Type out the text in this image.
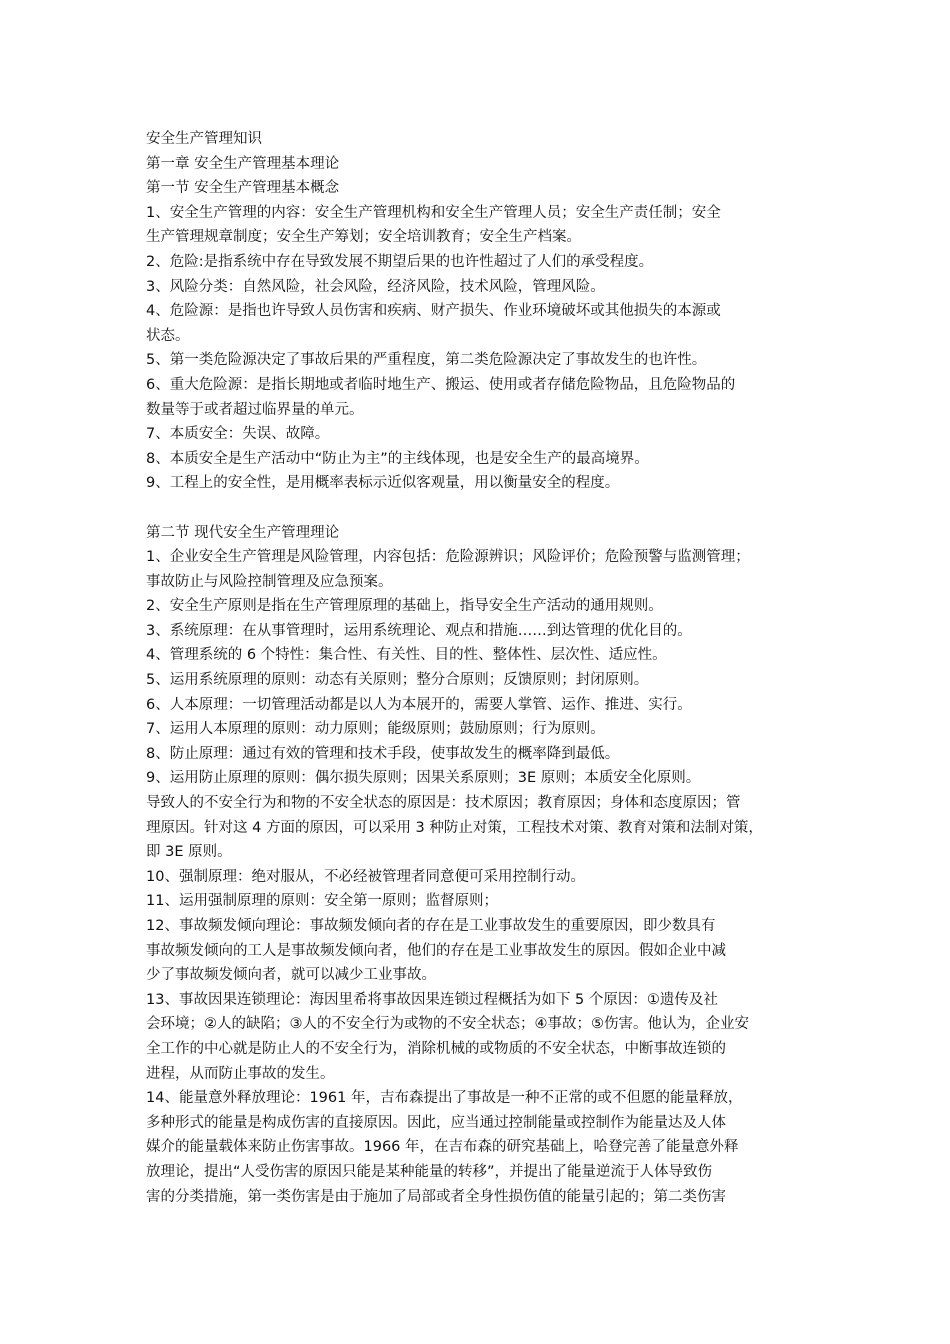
安全生产管理知识
第一章 安全生产管理基本理论
第一节 安全生产管理基本概念
1、安全生产管理的内容：安全生产管理机构和安全生产管理人员；安全生产责任制；安全
生产管理规章制度；安全生产筹划；安全培训教育；安全生产档案。
2、危险:是指系统中存在导致发展不期望后果的也许性超过了人们的承受程度。
3、风险分类：自然风险，社会风险，经济风险，技术风险，管理风险。
4、危险源：是指也许导致人员伤害和疾病、财产损失、作业环境破坏或其他损失的本源或
状态。
5、第一类危险源决定了事故后果的严重程度，第二类危险源决定了事故发生的也许性。
6、重大危险源：是指长期地或者临时地生产、搬运、使用或者存储危险物品，且危险物品的
数量等于或者超过临界量的单元。
7、本质安全：失误、故障。
8、本质安全是生产活动中“防止为主”的主线体现，也是安全生产的最高境界。
9、工程上的安全性，是用概率表标示近似客观量，用以衡量安全的程度。
第二节 现代安全生产管理理论
1、企业安全生产管理是风险管理，内容包括：危险源辨识；风险评价；危险预警与监测管理；
事故防止与风险控制管理及应急预案。
2、安全生产原则是指在生产管理原理的基础上，指导安全生产活动的通用规则。
3、系统原理：在从事管理时，运用系统理论、观点和措施……到达管理的优化目的。
4、管理系统的 6 个特性：集合性、有关性、目的性、整体性、层次性、适应性。
5、运用系统原理的原则：动态有关原则；整分合原则；反馈原则；封闭原则。
6、人本原理：一切管理活动都是以人为本展开的，需要人掌管、运作、推进、实行。
7、运用人本原理的原则：动力原则；能级原则；鼓励原则；行为原则。
8、防止原理：通过有效的管理和技术手段，使事故发生的概率降到最低。
9、运用防止原理的原则：偶尔损失原则；因果关系原则；3E 原则；本质安全化原则。
导致人的不安全行为和物的不安全状态的原因是：技术原因；教育原因；身体和态度原因；管
理原因。针对这 4 方面的原因，可以采用 3 种防止对策，工程技术对策、教育对策和法制对策，
即 3E 原则。
10、强制原理：绝对服从，不必经被管理者同意便可采用控制行动。
11、运用强制原理的原则：安全第一原则；监督原则；
12、事故频发倾向理论：事故频发倾向者的存在是工业事故发生的重要原因，即少数具有
事故频发倾向的工人是事故频发倾向者，他们的存在是工业事故发生的原因。假如企业中减
少了事故频发倾向者，就可以减少工业事故。
13、事故因果连锁理论：海因里希将事故因果连锁过程概括为如下 5 个原因：①遗传及社
会环境；②人的缺陷；③人的不安全行为或物的不安全状态；④事故；⑤伤害。他认为，企业安
全工作的中心就是防止人的不安全行为，消除机械的或物质的不安全状态，中断事故连锁的
进程，从而防止事故的发生。
14、能量意外释放理论：1961 年，吉布森提出了事故是一种不正常的或不但愿的能量释放，
多种形式的能量是构成伤害的直接原因。因此，应当通过控制能量或控制作为能量达及人体
媒介的能量载体来防止伤害事故。1966 年，在吉布森的研究基础上，哈登完善了能量意外释
放理论，提出“人受伤害的原因只能是某种能量的转移”，并提出了能量逆流于人体导致伤
害的分类措施，第一类伤害是由于施加了局部或者全身性损伤值的能量引起的；第二类伤害
